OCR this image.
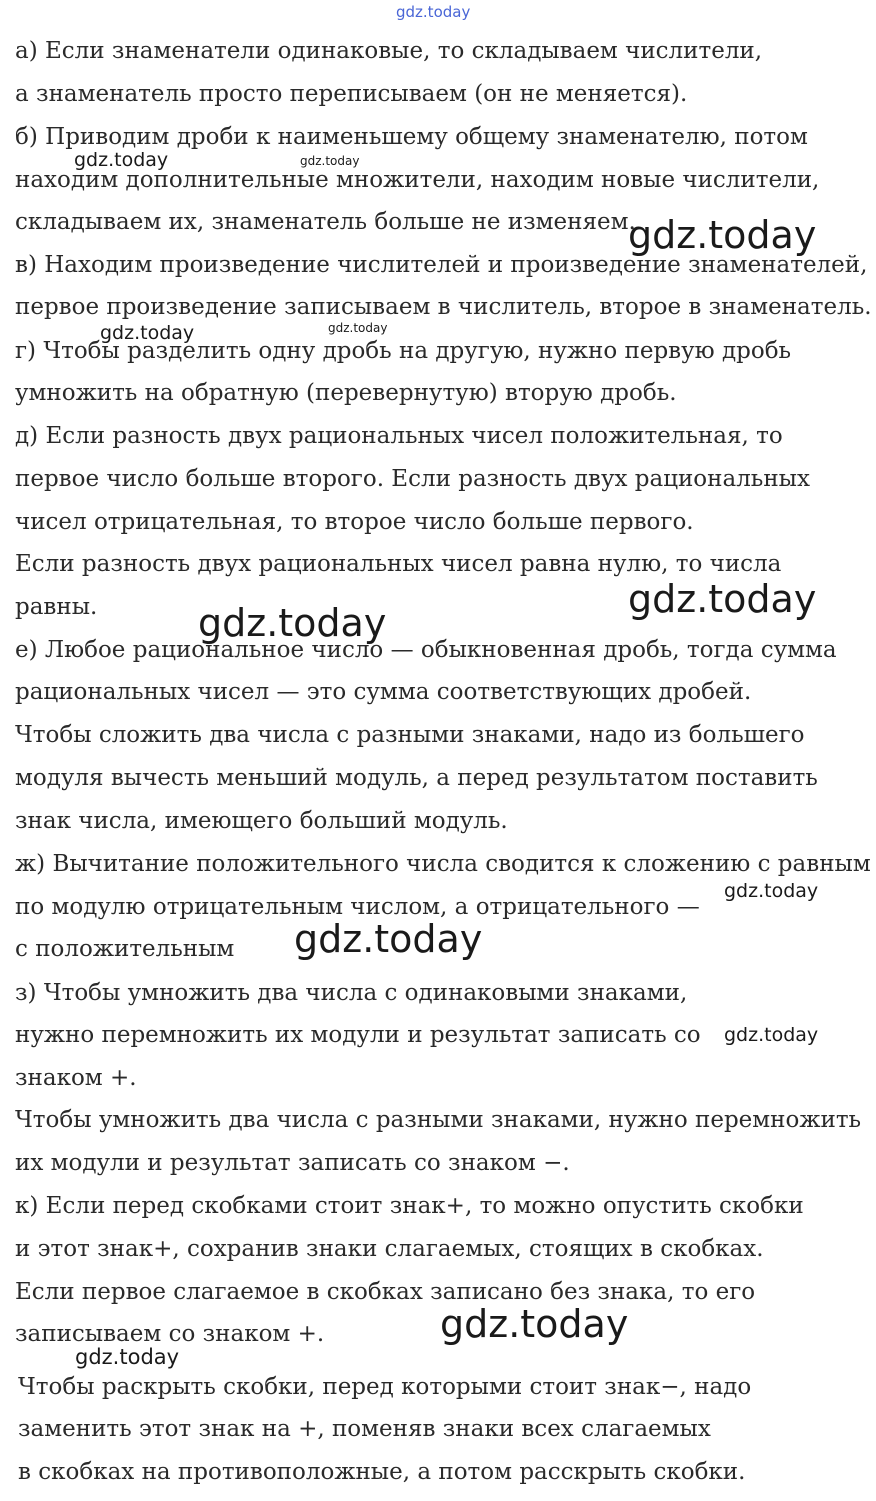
а) Если знаменатели одинаковые, то складываем числители,
а знаменатель просто переписываем (он не меняется).
б) Приводим дроби к наименьшему общему знаменателю, потом
находим дополнительные множители, находим новые числители,
складываем их, знаменатель больше не изменяем.
в) Находим произведение числителей и произведение знаменателей,
первое произведение записываем в числитель, второе в знаменатель.
г) Чтобы разделить одну дробь на другую, нужно первую дробь
умножить на обратную (перевернутую) вторую дробь.
д) Если разность двух рациональных чисел положительная, то
первое число больше второго. Если разность двух рациональных
чисел отрицательная, то второе число больше первого.
Если разность двух рациональных чисел равна нулю, то числа
равны.
е) Любое рациональное число — обыкновенная дробь, тогда сумма
рациональных чисел — это сумма соответствующих дробей.
Чтобы сложить два числа с разными знаками, надо из большего
модуля вычесть меньший модуль, а перед результатом поставить
знак числа, имеющего больший модуль.
ж) Вычитание положительного числа сводится к сложению с равным
по модулю отрицательным числом, а отрицательного —
с положительным
з) Чтобы умножить два числа с одинаковыми знаками,
нужно перемножить их модули и результат записать со
знаком +.
Чтобы умножить два числа с разными знаками, нужно перемножить
их модули и результат записать со знаком −.
к) Если перед скобками стоит знак+, то можно опустить скобки
и этот знак+, сохранив знаки слагаемых, стоящих в скобках.
Если первое слагаемое в скобках записано без знака, то его
записываем со знаком +.
Чтобы раскрыть скобки, перед которыми стоит знак−, надо
заменить этот знак на +, поменяв знаки всех слагаемых
в скобках на противоположные, а потом расскрыть скобки.
gdz.today
gdz.today	gdz.today
gdz.today
gdz.today	gdz.today
gdz.today
gdz.today
gdz.today
gdz.today
gdz.today
gdz.today
gdz.today
